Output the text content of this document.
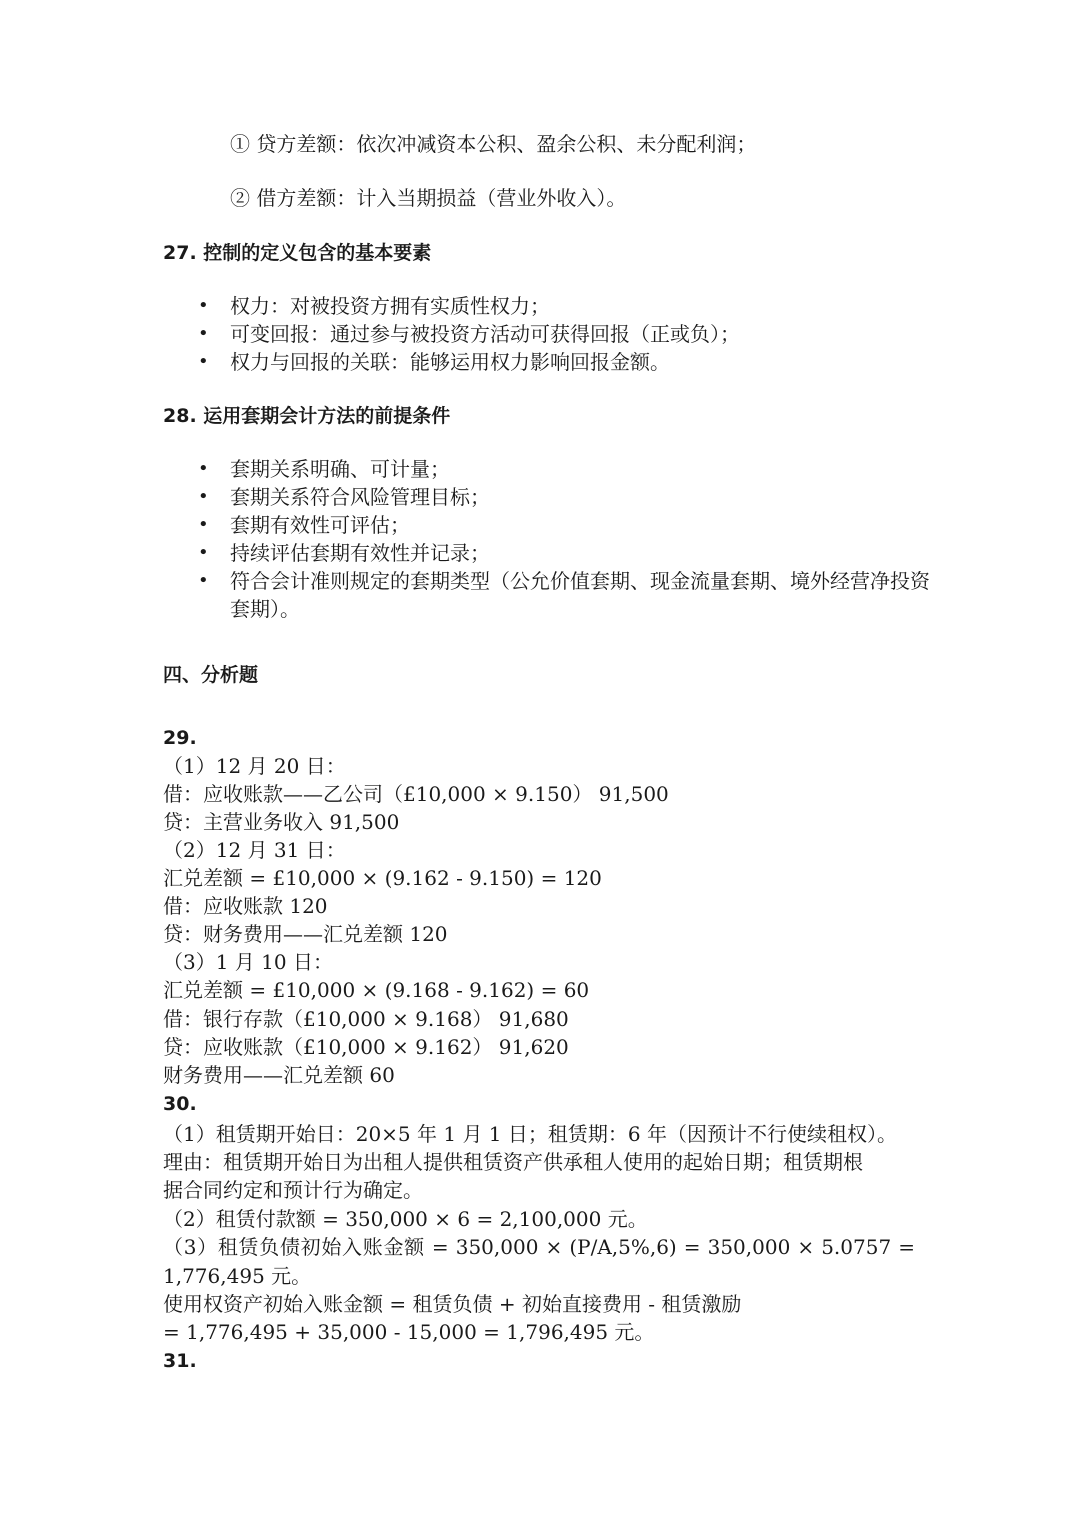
① 贷方差额：依次冲减资本公积、盈余公积、未分配利润；
② 借方差额：计入当期损益（营业外收入）。
27. 控制的定义包含的基本要素
• 权力：对被投资方拥有实质性权力；
• 可变回报：通过参与被投资方活动可获得回报（正或负）；
• 权力与回报的关联：能够运用权力影响回报金额。
28. 运用套期会计方法的前提条件
• 套期关系明确、可计量；
• 套期关系符合风险管理目标；
• 套期有效性可评估；
• 持续评估套期有效性并记录；
• 符合会计准则规定的套期类型（公允价值套期、现金流量套期、境外经营净投资套期）。
四、分析题
29.
（1）12 月 20 日：
借：应收账款——乙公司（£10,000 × 9.150） 91,500
贷：主营业务收入 91,500
（2）12 月 31 日：
汇兑差额 = £10,000 × (9.162 - 9.150) = 120
借：应收账款 120
贷：财务费用——汇兑差额 120
（3）1 月 10 日：
汇兑差额 = £10,000 × (9.168 - 9.162) = 60
借：银行存款（£10,000 × 9.168） 91,680
贷：应收账款（£10,000 × 9.162） 91,620
财务费用——汇兑差额 60
30.
（1）租赁期开始日：20×5 年 1 月 1 日；租赁期：6 年（因预计不行使续租权）。
理由：租赁期开始日为出租人提供租赁资产供承租人使用的起始日期；租赁期根
据合同约定和预计行为确定。
（2）租赁付款额 = 350,000 × 6 = 2,100,000 元。
（3）租赁负债初始入账金额 = 350,000 × (P/A,5%,6) = 350,000 × 5.0757 =
1,776,495 元。
使用权资产初始入账金额 = 租赁负债 + 初始直接费用 - 租赁激励
= 1,776,495 + 35,000 - 15,000 = 1,796,495 元。
31.
